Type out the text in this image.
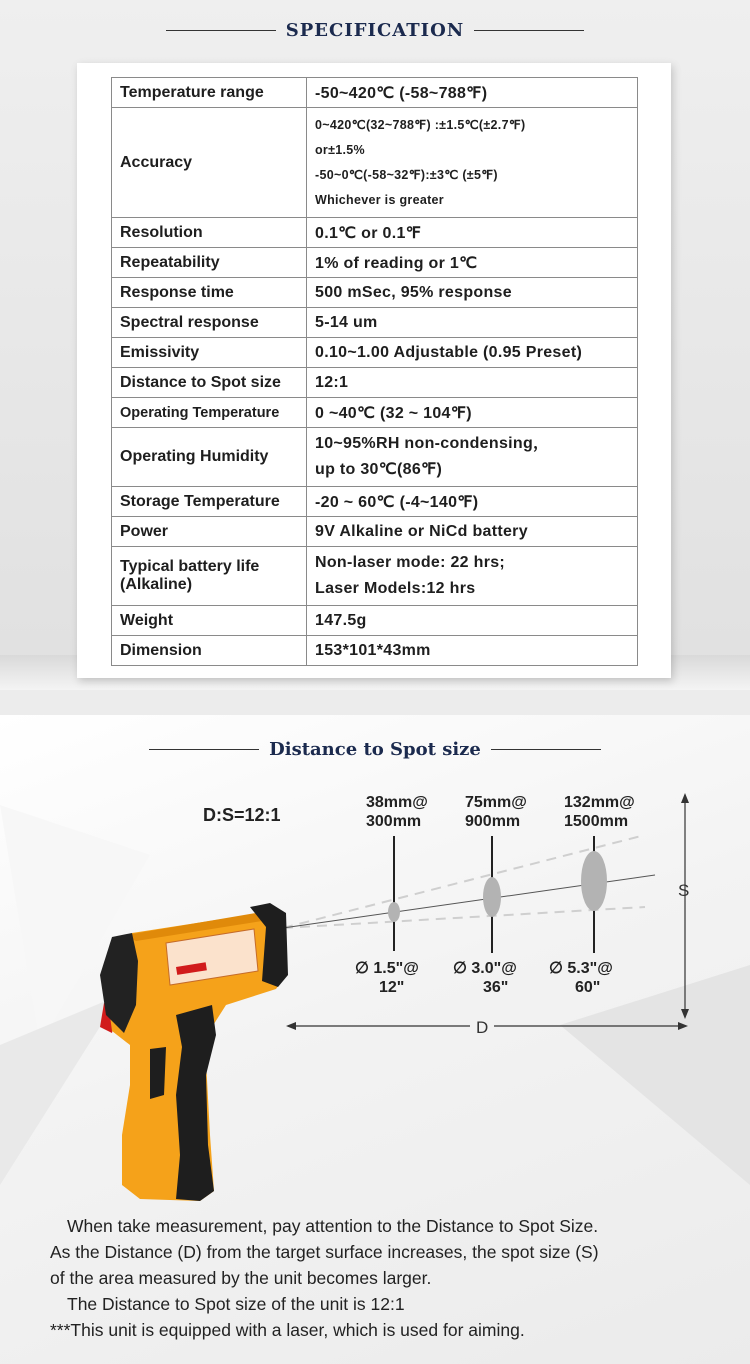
SPECIFICATION
Temperature range	-50~420℃ (-58~788℉)
Accuracy	0~420℃(32~788℉) :±1.5℃(±2.7℉)
or±1.5%
-50~0℃(-58~32℉):±3℃ (±5℉)
Whichever is greater

Resolution	0.1℃ or 0.1℉
Repeatability	1% of reading or 1℃
Response time	500 mSec, 95% response
Spectral response	5-14 um
Emissivity	0.10~1.00 Adjustable (0.95 Preset)
Distance to Spot size	12:1
Operating Temperature	0 ~40℃ (32 ~ 104℉)
Operating Humidity	10~95%RH non-condensing，
up to 30℃(86℉)

Storage Temperature	-20 ~ 60℃ (-4~140℉)
Power	9V Alkaline or NiCd battery
Typical battery life (Alkaline)	Non-laser mode: 22 hrs;
Laser Models:12 hrs

Weight	147.5g
Dimension	153*101*43mm
Distance to Spot size
S
D
D:S=12:1
38mm@
300mm
75mm@
900mm
132mm@
1500mm
∅ 1.5"@
12"
∅ 3.0"@
36"
∅ 5.3"@
60"

When take measurement, pay attention to the Distance to Spot Size.

As the Distance (D) from the target surface increases, the spot size (S)

of the area measured by the unit becomes larger.

The Distance to Spot size of the unit is 12:1

***This unit is equipped with a laser, which is used for aiming.
